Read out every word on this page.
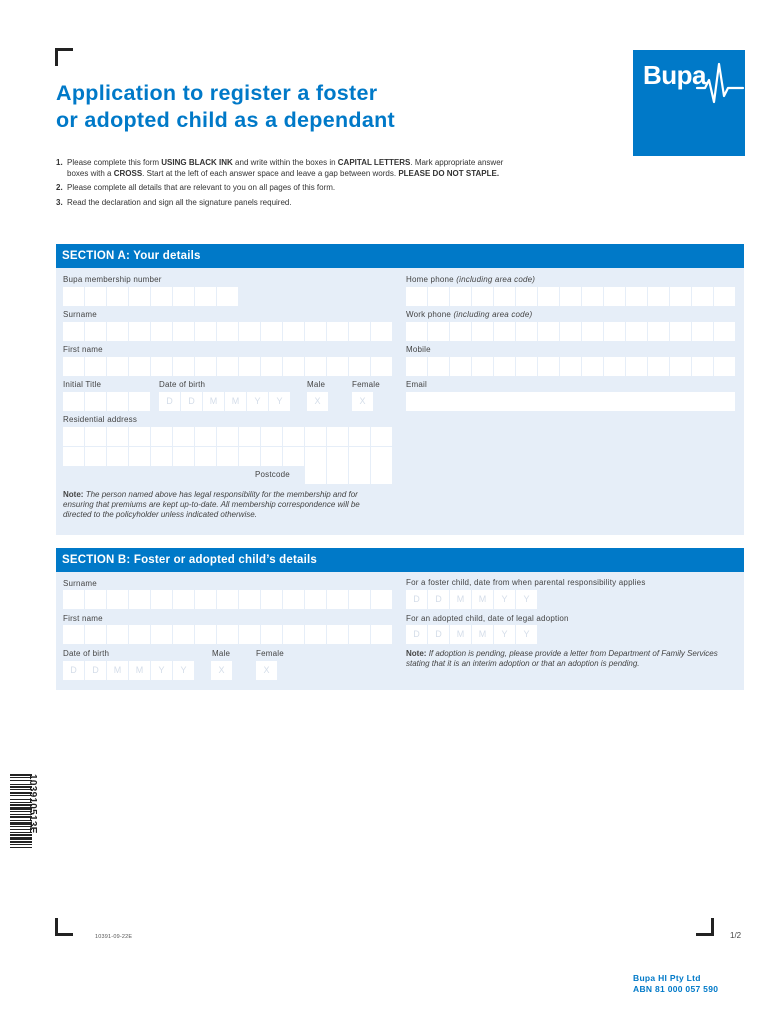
Bupa
Application to register a foster
or adopted child as a dependant
1. Please complete this form USING BLACK INK and write within the boxes in CAPITAL LETTERS. Mark appropriate answer boxes with a CROSS. Start at the left of each answer space and leave a gap between words. PLEASE DO NOT STAPLE.
2. Please complete all details that are relevant to you on all pages of this form.
3. Read the declaration and sign all the signature panels required.
SECTION A: Your details
Bupa membership number
Surname
First name
Initial Title	Date of birth
D	D	M	M	Y	Y
Male
X
Female
X
Residential address
Postcode
Note: The person named above has legal responsibility for the membership and for ensuring that premiums are kept up-to-date. All membership correspondence will be directed to the policyholder unless indicated otherwise.
Home phone (including area code)
Work phone (including area code)
Mobile
Email
SECTION B: Foster or adopted child’s details
Surname
First name
Date of birth
D	D	M	M	Y	Y
Male
X
Female
X
For a foster child, date from when parental responsibility applies
D	D	M	M	Y	Y
For an adopted child, date of legal adoption
D	D	M	M	Y	Y
Note: If adoption is pending, please provide a letter from Department of Family Services stating that it is an interim adoption or that an adoption is pending.
103910513E
10391-09-22E	1/2
Bupa HI Pty Ltd
ABN 81 000 057 590
